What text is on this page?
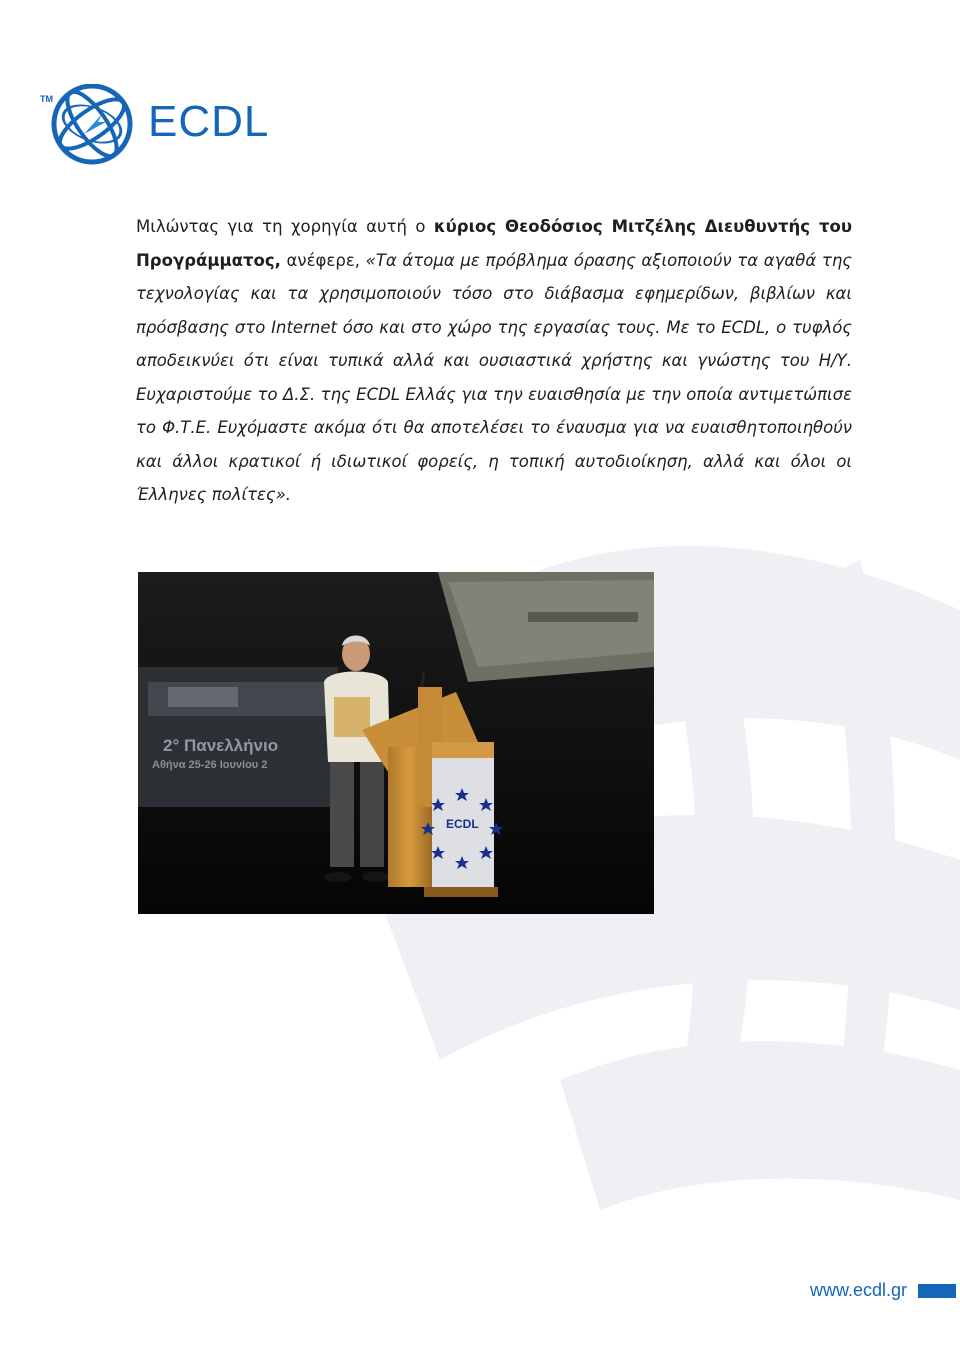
TM ECDL
Μιλώντας για τη χορηγία αυτή ο κύριος Θεοδόσιος Μιτζέλης Διευθυντής του Προγράμματος, ανέφερε, «Τα άτομα με πρόβλημα όρασης αξιοποιούν τα αγαθά της τεχνολογίας και τα χρησιμοποιούν τόσο στο διάβασμα εφημερίδων, βιβλίων και πρόσβασης στο Internet όσο και στο χώρο της εργασίας τους. Με το ECDL, ο τυφλός αποδεικνύει ότι είναι τυπικά αλλά και ουσιαστικά χρήστης και γνώστης του Η/Υ. Ευχαριστούμε το Δ.Σ. της ECDL Ελλάς για την ευαισθησία με την οποία αντιμετώπισε το Φ.Τ.Ε. Ευχόμαστε ακόμα ότι θα αποτελέσει το έναυσμα για να ευαισθητοποιηθούν και άλλοι κρατικοί ή ιδιωτικοί φορείς, η τοπική αυτοδιοίκηση, αλλά και όλοι οι Έλληνες πολίτες».
2° Πανελλήνιο
Αθήνα 25-26 Ιουνίου 2
ECDL
www.ecdl.gr
